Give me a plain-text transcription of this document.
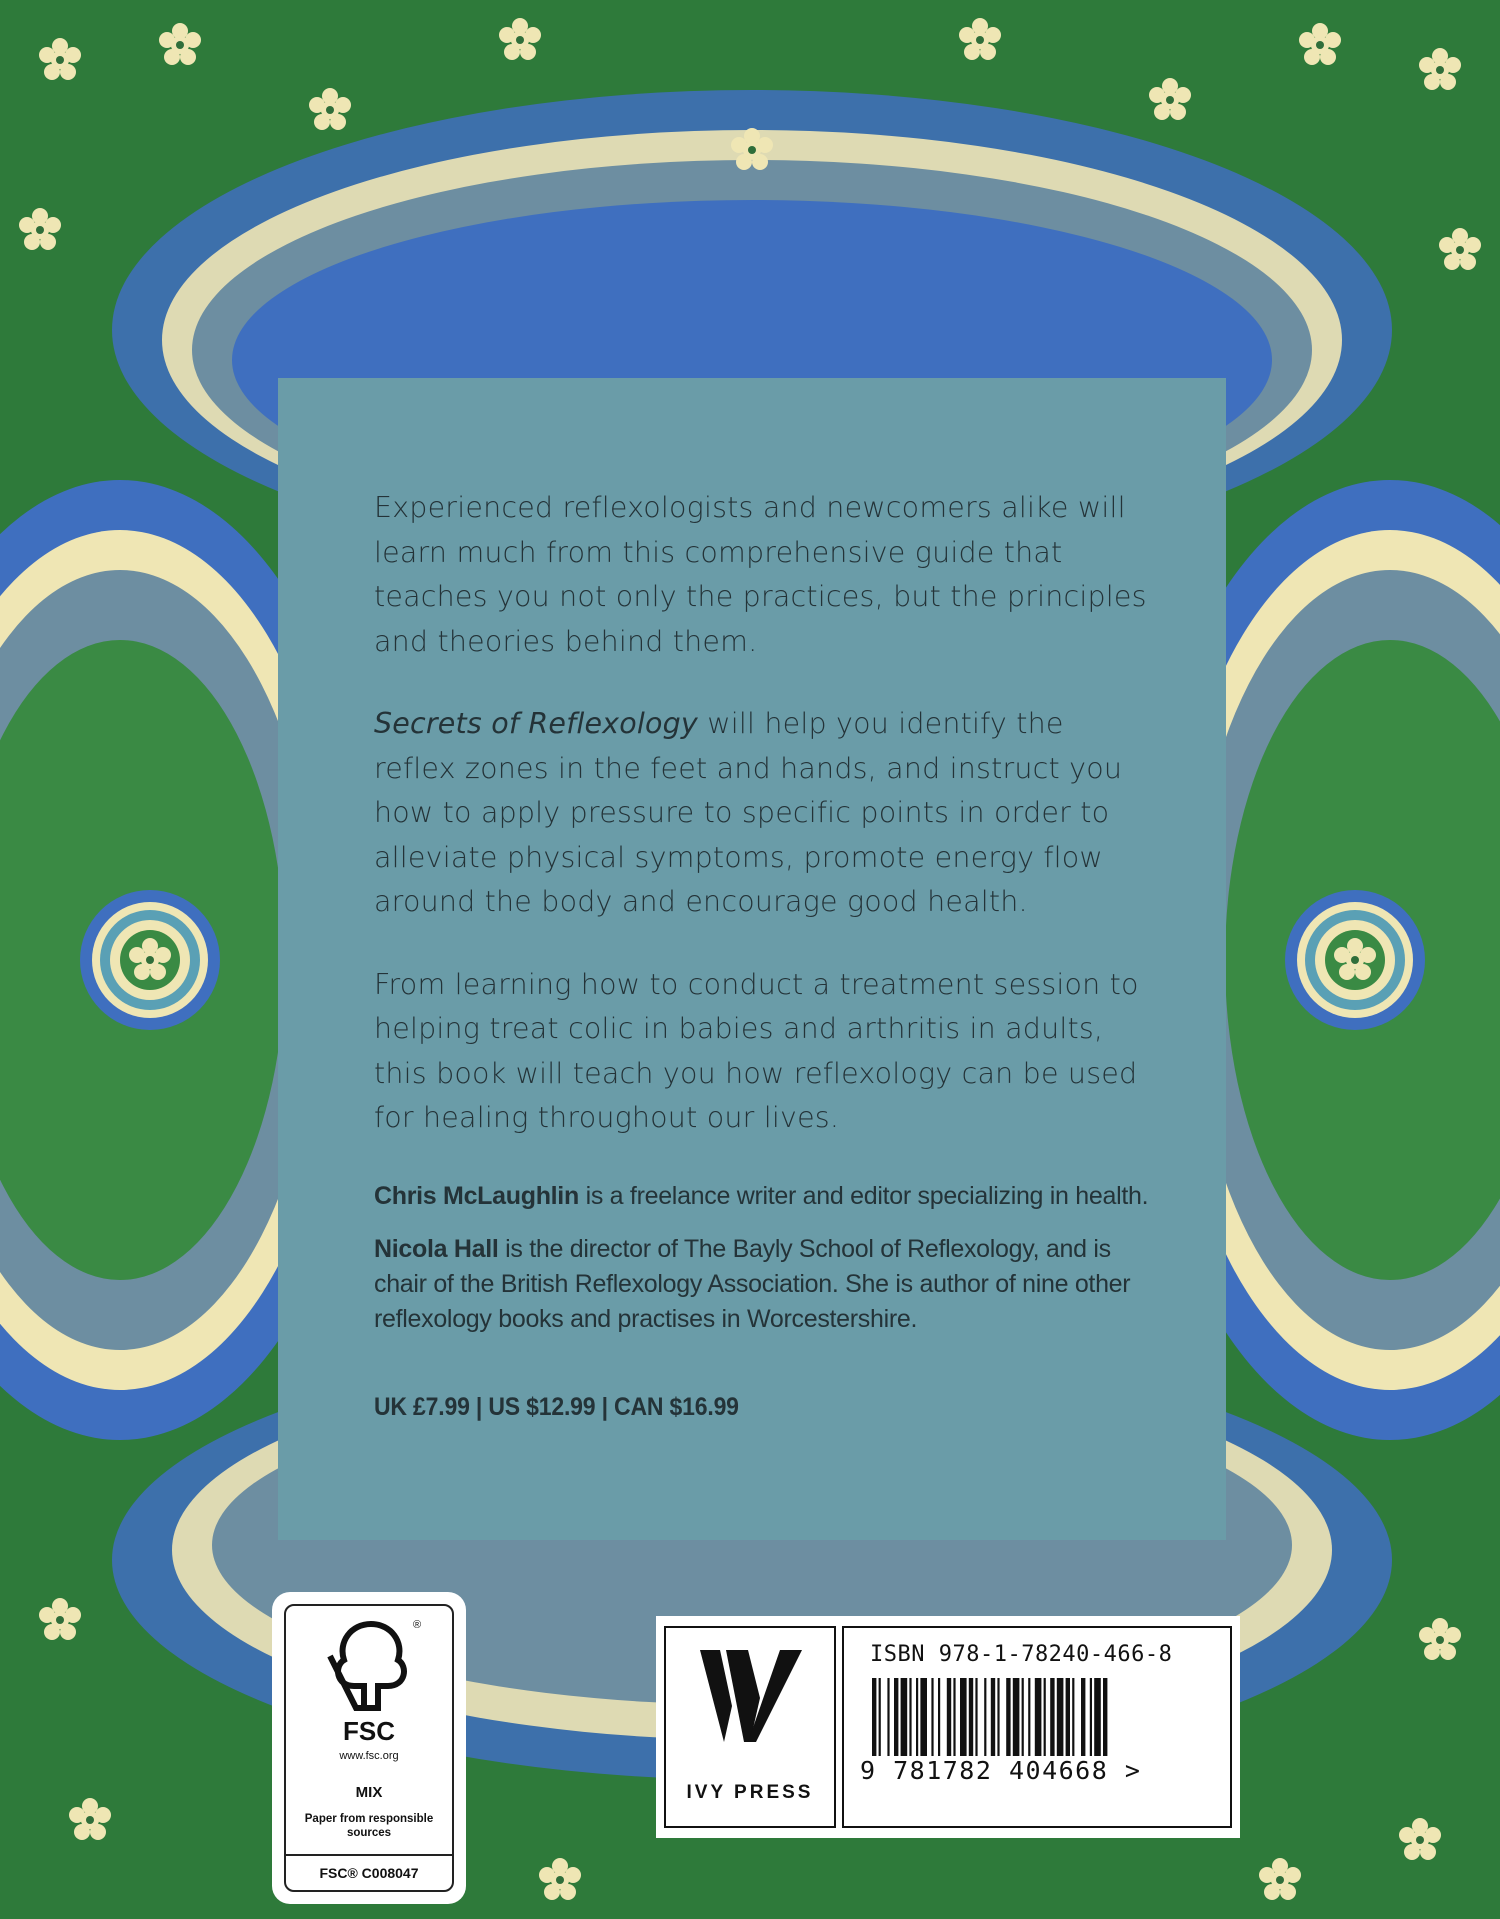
Experienced reflexologists and newcomers alike will learn much from this comprehensive guide that teaches you not only the practices, but the principles and theories behind them.

Secrets of Reflexology will help you identify the reflex zones in the feet and hands, and instruct you how to apply pressure to specific points in order to alleviate physical symptoms, promote energy flow around the body and encourage good health.

From learning how to conduct a treatment session to helping treat colic in babies and arthritis in adults, this book will teach you how reflexology can be used for healing throughout our lives.

Chris McLaughlin is a freelance writer and editor specializing in health.

Nicola Hall is the director of The Bayly School of Reflexology, and is chair of the British Reflexology Association. She is author of nine other reflexology books and practises in Worcestershire.

UK £7.99 | US $12.99 | CAN $16.99
®
FSC
www.fsc.org
MIX
Paper from responsible sources
FSC® C008047
IVY PRESS
ISBN 978-1-78240-466-8
9 781782 404668 >
